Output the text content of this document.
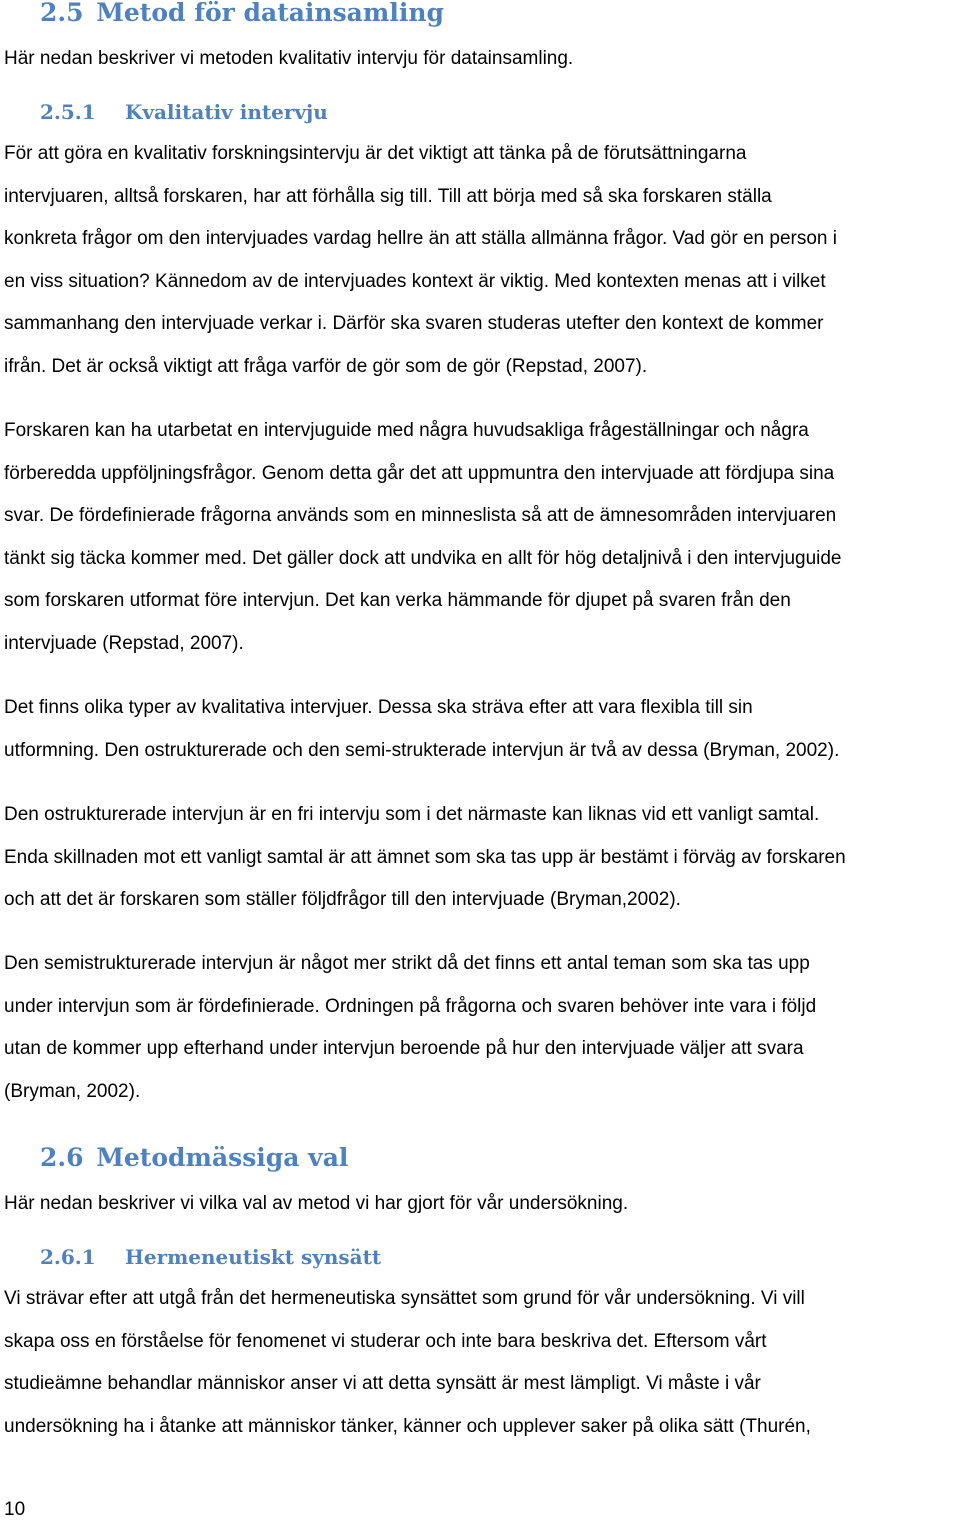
2.5 Metod för datainsamling
Här nedan beskriver vi metoden kvalitativ intervju för datainsamling.
2.5.1 Kvalitativ intervju
För att göra en kvalitativ forskningsintervju är det viktigt att tänka på de förutsättningarna
intervjuaren, alltså forskaren, har att förhålla sig till. Till att börja med så ska forskaren ställa
konkreta frågor om den intervjuades vardag hellre än att ställa allmänna frågor. Vad gör en person i
en viss situation? Kännedom av de intervjuades kontext är viktig. Med kontexten menas att i vilket
sammanhang den intervjuade verkar i. Därför ska svaren studeras utefter den kontext de kommer
ifrån. Det är också viktigt att fråga varför de gör som de gör (Repstad, 2007).
Forskaren kan ha utarbetat en intervjuguide med några huvudsakliga frågeställningar och några
förberedda uppföljningsfrågor. Genom detta går det att uppmuntra den intervjuade att fördjupa sina
svar. De fördefinierade frågorna används som en minneslista så att de ämnesområden intervjuaren
tänkt sig täcka kommer med. Det gäller dock att undvika en allt för hög detaljnivå i den intervjuguide
som forskaren utformat före intervjun. Det kan verka hämmande för djupet på svaren från den
intervjuade (Repstad, 2007).
Det finns olika typer av kvalitativa intervjuer. Dessa ska sträva efter att vara flexibla till sin
utformning. Den ostrukturerade och den semi-strukterade intervjun är två av dessa (Bryman, 2002).
Den ostrukturerade intervjun är en fri intervju som i det närmaste kan liknas vid ett vanligt samtal.
Enda skillnaden mot ett vanligt samtal är att ämnet som ska tas upp är bestämt i förväg av forskaren
och att det är forskaren som ställer följdfrågor till den intervjuade (Bryman,2002).
Den semistrukturerade intervjun är något mer strikt då det finns ett antal teman som ska tas upp
under intervjun som är fördefinierade. Ordningen på frågorna och svaren behöver inte vara i följd
utan de kommer upp efterhand under intervjun beroende på hur den intervjuade väljer att svara
(Bryman, 2002).
2.6 Metodmässiga val
Här nedan beskriver vi vilka val av metod vi har gjort för vår undersökning.
2.6.1 Hermeneutiskt synsätt
Vi strävar efter att utgå från det hermeneutiska synsättet som grund för vår undersökning. Vi vill
skapa oss en förståelse för fenomenet vi studerar och inte bara beskriva det. Eftersom vårt
studieämne behandlar människor anser vi att detta synsätt är mest lämpligt. Vi måste i vår
undersökning ha i åtanke att människor tänker, känner och upplever saker på olika sätt (Thurén,
10
